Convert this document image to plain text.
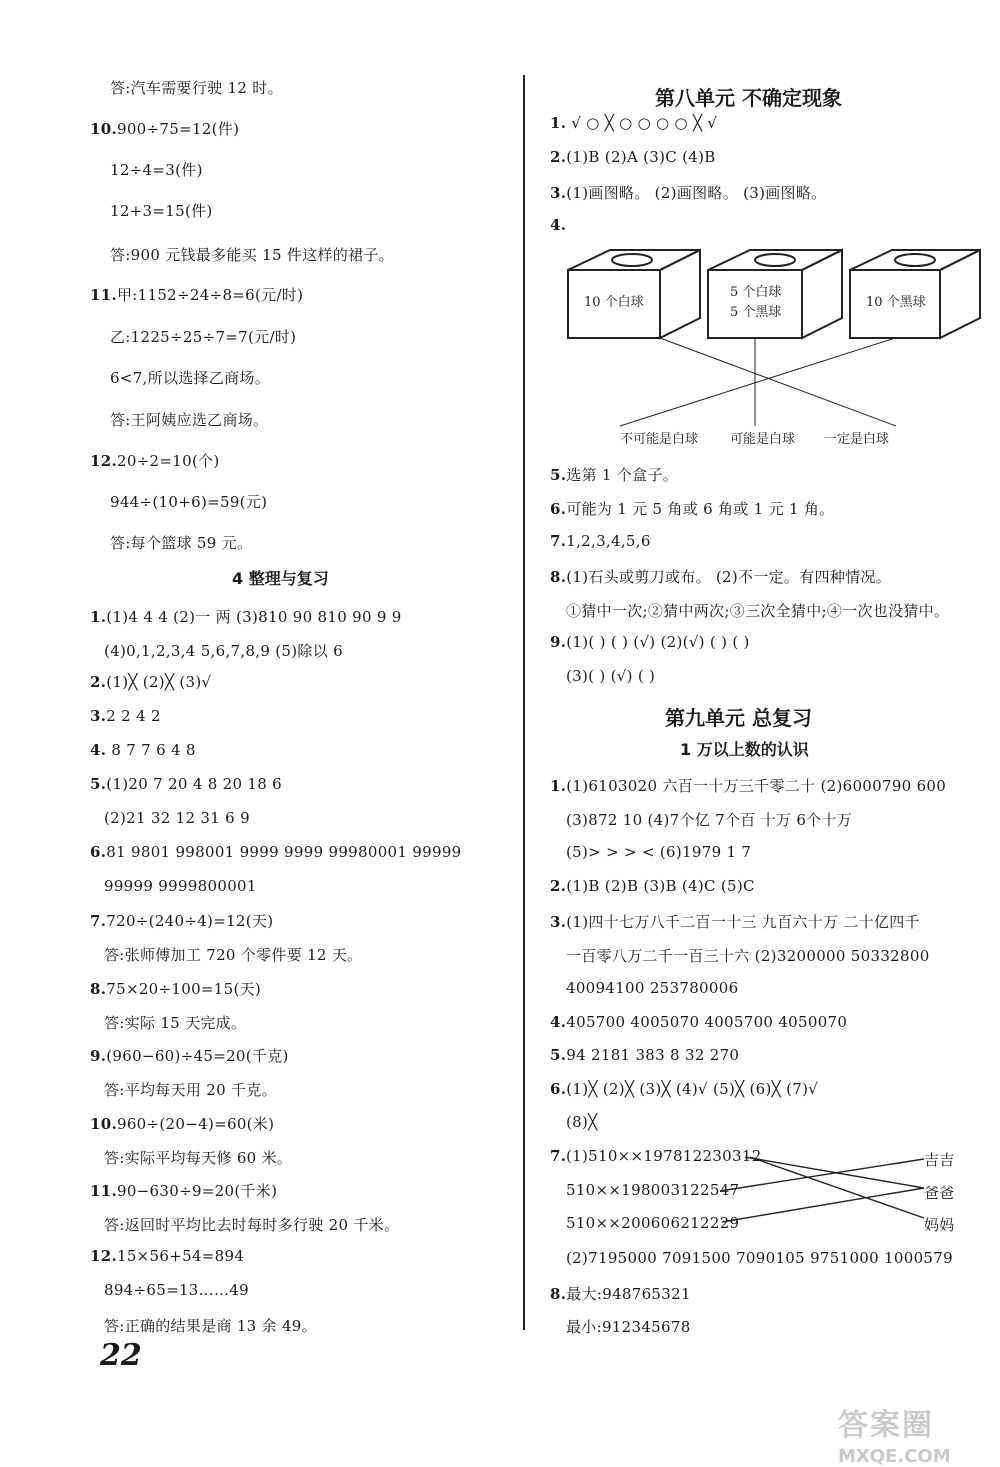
答:汽车需要行驶 12 时。
10.900÷75=12(件)
12÷4=3(件)
12+3=15(件)
答:900 元钱最多能买 15 件这样的裙子。
11.甲:1152÷24÷8=6(元/时)
乙:1225÷25÷7=7(元/时)
6<7,所以选择乙商场。
答:王阿姨应选乙商场。
12.20÷2=10(个)
944÷(10+6)=59(元)
答:每个篮球 59 元。
1.(1)4 4 4 (2)一 两 (3)810 90 810 90 9 9
(4)0,1,2,3,4 5,6,7,8,9 (5)除以 6
2.(1)╳ (2)╳ (3)√
3.2 2 4 2
4. 8 7 7 6 4 8
5.(1)20 7 20 4 8 20 18 6
(2)21 32 12 31 6 9
6.81 9801 998001 9999 9999 99980001 99999
99999 9999800001
7.720÷(240÷4)=12(天)
答:张师傅加工 720 个零件要 12 天。
8.75×20÷100=15(天)
答:实际 15 天完成。
9.(960−60)÷45=20(千克)
答:平均每天用 20 千克。
10.960÷(20−4)=60(米)
答:实际平均每天修 60 米。
11.90−630÷9=20(千米)
答:返回时平均比去时每时多行驶 20 千米。
12.15×56+54=894
894÷65=13……49
答:正确的结果是商 13 余 49。
4 整理与复习
第八单元 不确定现象
1. √ ○ ╳ ○ ○ ○ ○ ╳ √
2.(1)B (2)A (3)C (4)B
3.(1)画图略。 (2)画图略。 (3)画图略。
4.
10 个白球
5 个白球
5 个黑球
10 个黑球
不可能是白球 可能是白球 一定是白球
5.选第 1 个盒子。
6.可能为 1 元 5 角或 6 角或 1 元 1 角。
7.1,2,3,4,5,6
8.(1)石头或剪刀或布。 (2)不一定。有四种情况。
①猜中一次;②猜中两次;③三次全猜中;④一次也没猜中。
9.(1)( ) ( ) (√) (2)(√) ( ) ( )
(3)( ) (√) ( )
第九单元 总复习
1 万以上数的认识
1.(1)6103020 六百一十万三千零二十 (2)6000790 600
(3)872 10 (4)7个亿 7个百 十万 6个十万
(5)> > > < (6)1979 1 7
2.(1)B (2)B (3)B (4)C (5)C
3.(1)四十七万八千二百一十三 九百六十万 二十亿四千
一百零八万二千一百三十六 (2)3200000 50332800
40094100 253780006
4.405700 4005070 4005700 4050070
5.94 2181 383 8 32 270
6.(1)╳ (2)╳ (3)╳ (4)√ (5)╳ (6)╳ (7)√
(8)╳
7. (1)510××197812230312
510××198003122547
510××200606212229
吉吉
爸爸
妈妈
(2)7195000 7091500 7090105 9751000 1000579
8.最大:948765321
最小:912345678
22
答案圈
MXQE.COM
